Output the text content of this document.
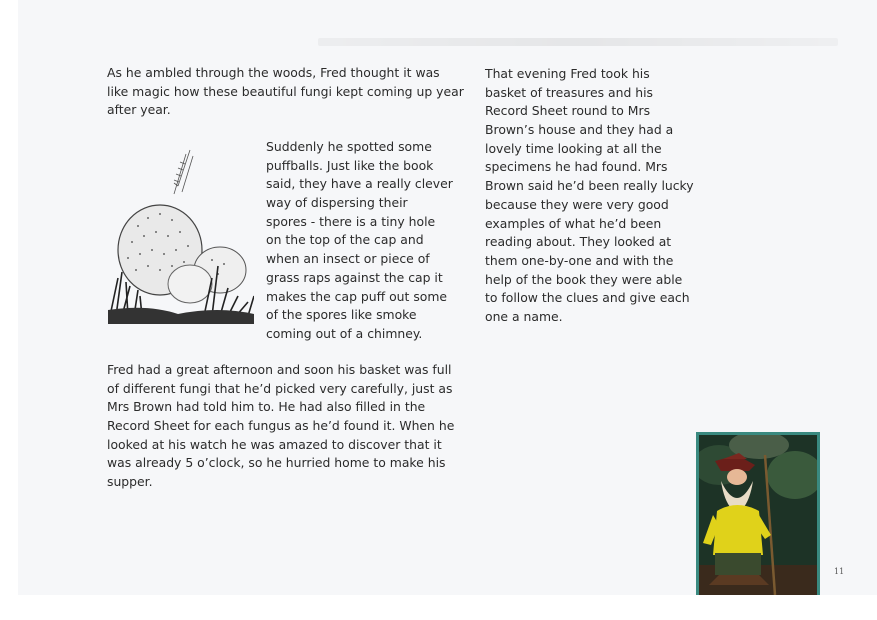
As he ambled through the woods, Fred thought it was
like magic how these beautiful fungi kept coming up year
after year.
Suddenly he spotted some
puffballs. Just like the book
said, they have a really clever
way of dispersing their
spores - there is a tiny hole
on the top of the cap and
when an insect or piece of
grass raps against the cap it
makes the cap puff out some
of the spores like smoke
coming out of a chimney.
Fred had a great afternoon and soon his basket was full
of different fungi that he’d picked very carefully, just as
Mrs Brown had told him to. He had also filled in the
Record Sheet for each fungus as he’d found it. When he
looked at his watch he was amazed to discover that it
was already 5 o’clock, so he hurried home to make his
supper.
That evening Fred took his
basket of treasures and his
Record Sheet round to Mrs
Brown’s house and they had a
lovely time looking at all the
specimens he had found. Mrs
Brown said he’d been really lucky
because they were very good
examples of what he’d been
reading about. They looked at
them one-by-one and with the
help of the book they were able
to follow the clues and give each
one a name.
11
